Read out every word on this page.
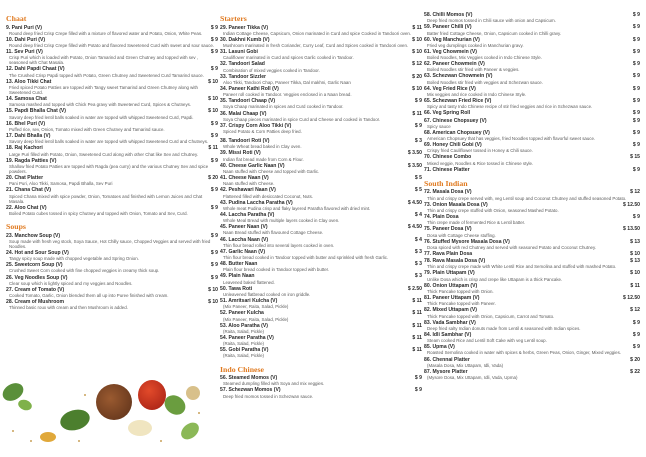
Chaat
9. Pani Puri (V)	$ 9
Round deep fried Crisp Crepe filled with a mixture of flavored water and Potato, Onion, White Peas.
10. Dahi Puri (V)	$ 9
Round deep fried Crisp Crepe filled with Potato and flavored Sweetened Curd with sweet and sour sauce.
11. Sev Puri (V)	$ 9
Crisp Puri which is loaded with Potato, Onion Tamarind and Green Chutney and topped with sev , seasoned with Chat Masala.
12. Dahi Papdi Chaat (V)	$ 9
The Crushed Crisp Papdi topped with Potato, Green Chutney and Sweetened Curd Tamarind sauce.
13. Aloo Tikki Chat	$ 10
Fried spiced Potato Patties are topped with Tangy sweet Tamarind and Green Chutney along with Sweetened Curd.
14. Samosa Chat	$ 10
Samosa mashed and topped with Chick Pea gravy with Sweetened Curd, Spices & Chutneys.
15. Papdi Bhalla Chat (V)	$ 10
Savory deep fried lentil balls soaked in water are topped with whipped Sweetened Curd, Papdi.
16. Bhel Puri (V)	$ 9
Puffed rice, sev, Onion, Tomato mixed with Green Chutney and Tamarind sauce.
17. Dahi Bhalla (V)	$ 9
Savory deep fried lentil balls soaked in water are topped with whipped Sweetened Curd and Chutneys.
18. Raj Kachori	$ 11
Large Puri filled with Potato, Onion, Sweetened Curd along with other Chat like Sev and Chutney.
19. Ragda Patties (V)	$ 9
Shallow fried Potato Patties are topped with Ragda (pea curry) and the various Chutney Sev and spice powders.
20. Chat Platter	$ 20
Pani Puri, Aloo Tikki, Samosa, Papdi Bhalla, Sev Puri
21. Chana Chat (V)	$ 9
Spiced Chana mixed with spice powder, Onion, Tomatoes and finished with Lemon Juices and Chat Masala.
22. Aloo Chat (V)	$ 9
Boiled Potato cubes tossed in spicy Chutney and topped with Onion, Tomato and Sev, Curd.
Soups
23. Manchow Soup (V)	$ 9
Soup made with fresh veg stock, Soya Sauce, Hot Chilly sauce, Chopped Veggies and served with fried Noodles.
24. Hot and Sour Soup (V)	$ 9
Tangy spicy soup made with chopped vegetable and Spring Onion.
25. Sweetcorn Soup (V)	$ 9
Crushed Sweet Corn cooked with fine chopped veggies in creamy thick soup.
26. Veg Noodles Soup (V)	$ 9
Clear soup which is lightly spiced and my veggies and Noodles.
27. Cream of Tomato (V)	$ 10
Cooked Tomato, Garlic, Onion blended them all up into Puree finished with cream.
28. Cream of Mushroom	$ 10
Thinned basic roux with cream and then Mushroom is added.
Starters
29. Paneer Tikka (V)	$ 11
Indian Cottage Cheese, Capsicum, Onion marinated in Curd and spice Cooked in Tandoori oven.
30. Dakhni Kumb (V)	$ 10
Mushroom marinated in fresh Coriander, Curry Leaf, Curd and Spices cooked in Tandoori oven.
31. Lasuni Gobi	$ 10
Cauliflower marinated in Curd and spices Garlic cooked in Tandoor.
32. Tandoori Salad	$ 12
Combination of mixed veggies cooked in Tandoor.
33. Tandoor Sizzler	$ 20
Aloo Tikki, Tandoori Chap, Paneer Tikka, Dal makhni, Garlic Naan
34. Paneer Kathi Roll (V)	$ 10
Paneer roll cooked in Tandoor. Veggies enclosed in a Naan bread.
35. Tandoori Chaap (V)	$ 9
Soya Chaap marinated in spices and Curd cooked in Tandoor.
36. Malai Chaap (V)	$ 11
Soya Chaap pieces marinated in spice Curd and Cheese and cooked in Tandoor.
37. Crispy Corn Aloo Tikki (V)	$ 9
Spiced Potato & Corn Patties deep fried.
38. Tandoori Roti (V)	$ 3
Whole Wheat bread baked in Clay oven.
39. Missi Roti (V)	$ 3.50
Indian flat bread made from Corn & Flour.
40. Cheese Garlic Naan (V)	$ 3.50
Naan stuffed with Cheese and topped with Garlic.
41. Cheese Naan (V)	$ 5
Naan stuffed with Cheese.
42. Peshawari Naan (V)	$ 5
Flattened filled with desiccated Coconut, Nuts.
43. Pudina Laccha Paratha (V)	$ 4.50
Whole meat Pudina crisp and flaky layered Paratha flavored with dried mint.
44. Laccha Paratha (V)	$ 4
Whole Meal Bread with multiple layers cooked in Clay oven.
45. Paneer Naan (V)	$ 4.50
Naan Bread stuffed with flavoured Cottage Cheese.
46. Laccha Naan (V)	$ 4
Thin flour bread rolled into several layers cooked in oven.
47. Garlic Naan (V)	$ 3
Thin flour bread cooked in Tandoor topped with butter and sprinkled with fresh Garlic.
48. Butter Naan	$ 3
Plain flour bread cooked in Tandoor topped with butter.
49. Plain Naan	$ 3
Leavened baked flattened.
50. Tawa Roti	$ 2.50
Unleavened flatbread cooked on iron griddle.
51. Amritsari Kulcha (V)	$ 11
(Mix Paneer, Raita, Salad, Pickle)
52. Paneer Kulcha	$ 11
(Mix Paneer, Raita, Salad, Pickle)
53. Aloo Paratha (V)	$ 11
(Raita, Salad, Pickle)
54. Paneer Paratha (V)	$ 11
(Raita, Salad, Pickle)
55. Gobi Paratha (V)	$ 11
(Raita, Salad, Pickle)
Indo Chinese
56. Steamed Momos (V)	$ 9
Steamed dumpling filled with Soya and mix veggies.
57. Schezwan Momos (V)	$ 9
Deep fried momos tossed in Schezwan sauce.
58. Chilli Momos (V)	$ 9
Deep fried momos tossed in Chili sauce with onion and Capsicum.
59. Paneer Chilli (V)	$ 9
Batter fried Cottage Cheese, Onion, Capsicum cooked in Chilli gravy.
60. Veg Manchurian (V)	$ 9
Fried veg dumplings cooked in Manchurian gravy.
61. Veg Chowmein (V)	$ 9
Boiled Noodles, Mix Veggies cooked in Indo Chinese Style.
62. Paneer Chowmein (V)	$ 9
Boiled Noodles stir fried with Paneer & veggies.
63. Schezwan Chowmein (V)	$ 9
Boiled Noodles stir fried with veggies and Schezwan sauce.
64. Veg Fried Rice (V)	$ 9
Mix veggies and rice cooked in Indo Chinese Style.
65. Schezwan Fried Rice (V)	$ 9
Spicy and tasty Indo Chinese recipe of stir fried veggies and rice in Schezwan sauce.
66. Veg Spring Roll	$ 9
67. Chinese Chopsuey (V)	$ 9
Spicy sauce
68. American Chopsuey (V)	$ 9
American Chopsuey that has veggies, fried Noodles topped with flavorful sweet sauce.
69. Honey Chili Gobi (V)	$ 9
Crispy fried Cauliflower tossed in Honey & Chili sauce.
70. Chinese Combo	$ 15
Mixed veggie, Noodles & Rice tossed in Chinese style.
71. Chinese Platter	$ 9
South Indian
72. Masala Dosa (V)	$ 12
Thin and crispy crepe served with, veg Lentil soup and Coconut Chutney and stuffed seasoned Potato.
73. Onion Masala Dosa (V)	$ 12.50
Thin and crispy crepe stuffed with Onion, seasoned Mashed Potato.
74. Plain Dosa	$ 9
Thin crepe made of fermented Rice & Lentil batter.
75. Paneer Dosa (V)	$ 13.50
Dosa with Cottage Cheese stuffing.
76. Stuffed Mysore Masala Dosa (V)	$ 13
Dosa spiced with red Chutney and served with seasoned Potato and Coconut Chutney.
77. Rava Plain Dosa	$ 10
78. Rava Masala Dosa (V)	$ 13
Thin and crispy crepe made with White Lentil Rice and Semolina and stuffed with mashed Potato.
79. Plain Uttapam (V)	$ 10
Unlike Dosa which is crisp and crepe like Uttapam is a thick Pancake.
80. Onion Uttapam (V)	$ 11
Thick Pancake topped with Onion.
81. Paneer Uttapam (V)	$ 12.50
Thick Pancake topped with Paneer.
82. Mixed Uttapam (V)	$ 12
Thick Pancake topped with Onion, Capsicum, Carrot and Tomato.
83. Vada Sambhar (V)	$ 9
Deep fried salty Indian donuts made from Lentil & seasoned with Indian spices.
84. Idli Sambhar (V)	$ 9
Steam cooked Rice and Lentil Soft Cake with veg Lentil soup.
85. Upma (V)	$ 9
Roasted Semolina cooked in water with spices & herbs, Green Peas, Onion, Ginger, Mixed veggies.
86. Chennai Platter	$ 20
(Masala Dosa, Mix Uttapam, Idli, Vada)
87. Mysore Platter	$ 22
(Mysore Dosa, Mix Uttapam, Idli, Vada, Upma)
